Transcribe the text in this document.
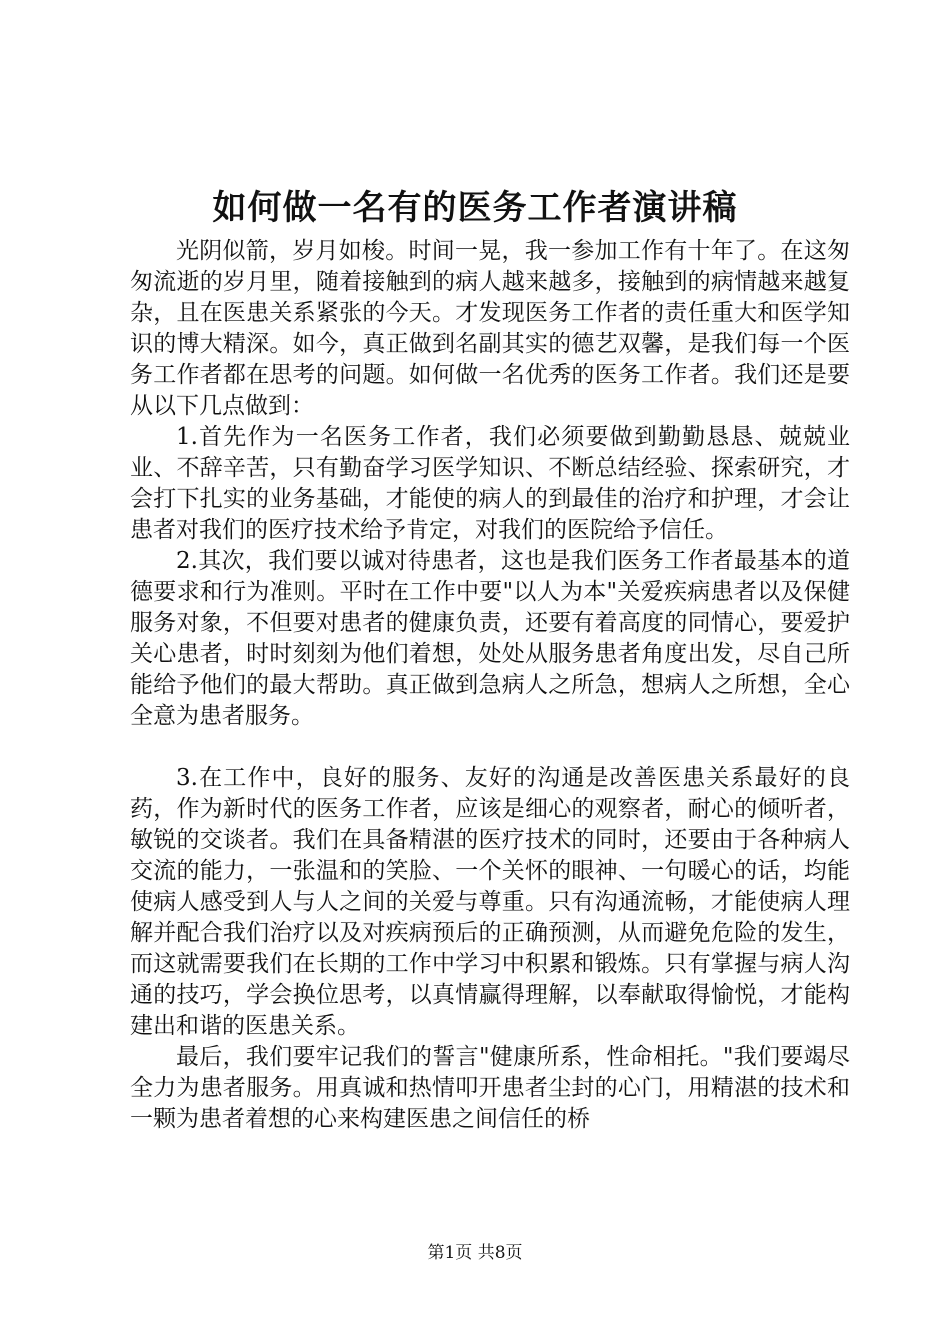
如何做一名有的医务工作者演讲稿

光阴似箭，岁月如梭。时间一晃，我一参加工作有十年了。在这匆匆流逝的岁月里，随着接触到的病人越来越多，接触到的病情越来越复杂，且在医患关系紧张的今天。才发现医务工作者的责任重大和医学知识的博大精深。如今，真正做到名副其实的德艺双馨，是我们每一个医务工作者都在思考的问题。如何做一名优秀的医务工作者。我们还是要从以下几点做到：

1.首先作为一名医务工作者，我们必须要做到勤勤恳恳、兢兢业业、不辞辛苦，只有勤奋学习医学知识、不断总结经验、探索研究，才会打下扎实的业务基础，才能使的病人的到最佳的治疗和护理，才会让患者对我们的医疗技术给予肯定，对我们的医院给予信任。

2.其次，我们要以诚对待患者，这也是我们医务工作者最基本的道德要求和行为准则。平时在工作中要"以人为本"关爱疾病患者以及保健服务对象，不但要对患者的健康负责，还要有着高度的同情心，要爱护关心患者，时时刻刻为他们着想，处处从服务患者角度出发，尽自己所能给予他们的最大帮助。真正做到急病人之所急，想病人之所想，全心全意为患者服务。

3.在工作中，良好的服务、友好的沟通是改善医患关系最好的良药，作为新时代的医务工作者，应该是细心的观察者，耐心的倾听者，敏锐的交谈者。我们在具备精湛的医疗技术的同时，还要由于各种病人交流的能力，一张温和的笑脸、一个关怀的眼神、一句暖心的话，均能使病人感受到人与人之间的关爱与尊重。只有沟通流畅，才能使病人理解并配合我们治疗以及对疾病预后的正确预测，从而避免危险的发生，而这就需要我们在长期的工作中学习中积累和锻炼。只有掌握与病人沟通的技巧，学会换位思考，以真情赢得理解，以奉献取得愉悦，才能构建出和谐的医患关系。

最后，我们要牢记我们的誓言"健康所系，性命相托。"我们要竭尽全力为患者服务。用真诚和热情叩开患者尘封的心门，用精湛的技术和一颗为患者着想的心来构建医患之间信任的桥

第1页 共8页
